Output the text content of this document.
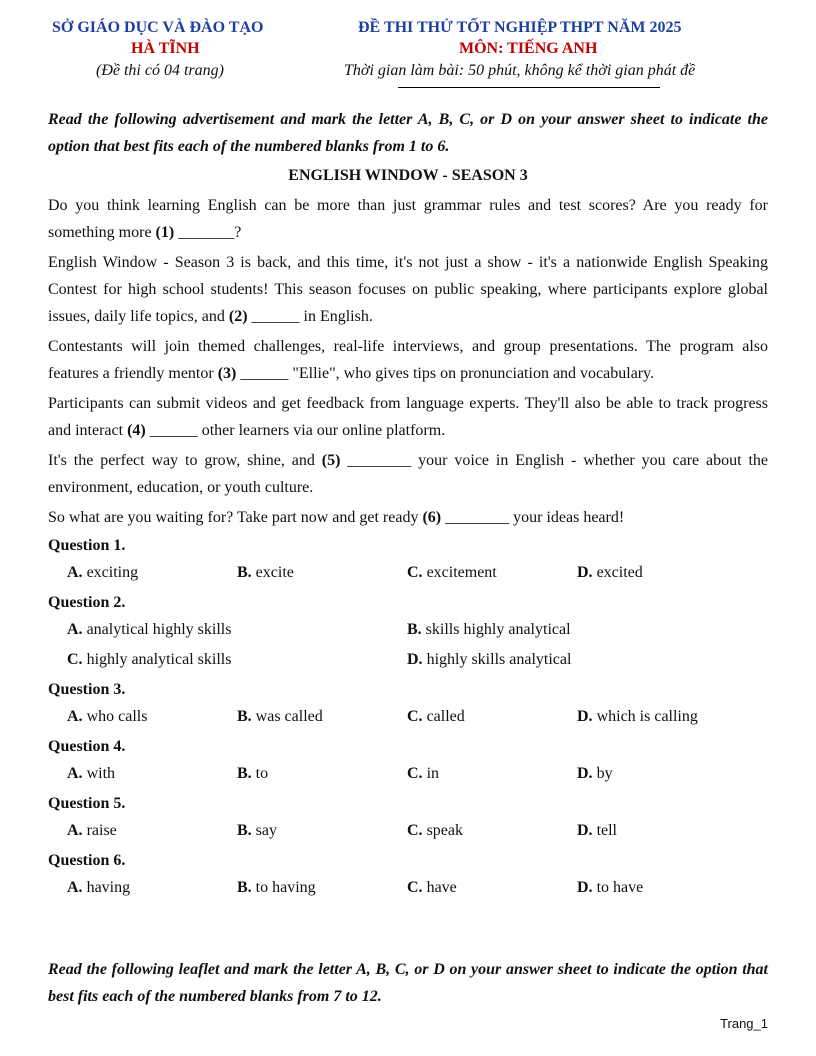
SỞ GIÁO DỤC VÀ ĐÀO TẠO
HÀ TĨNH
(Đề thi có 04 trang)
ĐỀ THI THỬ TỐT NGHIỆP THPT NĂM 2025
MÔN: TIẾNG ANH
Thời gian làm bài: 50 phút, không kể thời gian phát đề

Read the following advertisement and mark the letter A, B, C, or D on your answer sheet to indicate the option that best fits each of the numbered blanks from 1 to 6.

ENGLISH WINDOW - SEASON 3

Do you think learning English can be more than just grammar rules and test scores? Are you ready for something more (1) _______?

English Window - Season 3 is back, and this time, it's not just a show - it's a nationwide English Speaking Contest for high school students! This season focuses on public speaking, where participants explore global issues, daily life topics, and (2) ______ in English.

Contestants will join themed challenges, real-life interviews, and group presentations. The program also features a friendly mentor (3) ______ "Ellie", who gives tips on pronunciation and vocabulary.

Participants can submit videos and get feedback from language experts. They'll also be able to track progress and interact (4) ______ other learners via our online platform.

It's the perfect way to grow, shine, and (5) ________ your voice in English - whether you care about the environment, education, or youth culture.

So what are you waiting for? Take part now and get ready (6) ________ your ideas heard!

Question 1.

A. exciting	B. excite	C. excitement	D. excited

Question 2.

A. analytical highly skills	B. skills highly analytical
C. highly analytical skills	D. highly skills analytical

Question 3.

A. who calls	B. was called	C. called	D. which is calling

Question 4.

A. with	B. to	C. in	D. by

Question 5.

A. raise	B. say	C. speak	D. tell

Question 6.

A. having	B. to having	C. have	D. to have

Read the following leaflet and mark the letter A, B, C, or D on your answer sheet to indicate the option that best fits each of the numbered blanks from 7 to 12.

Trang_1
